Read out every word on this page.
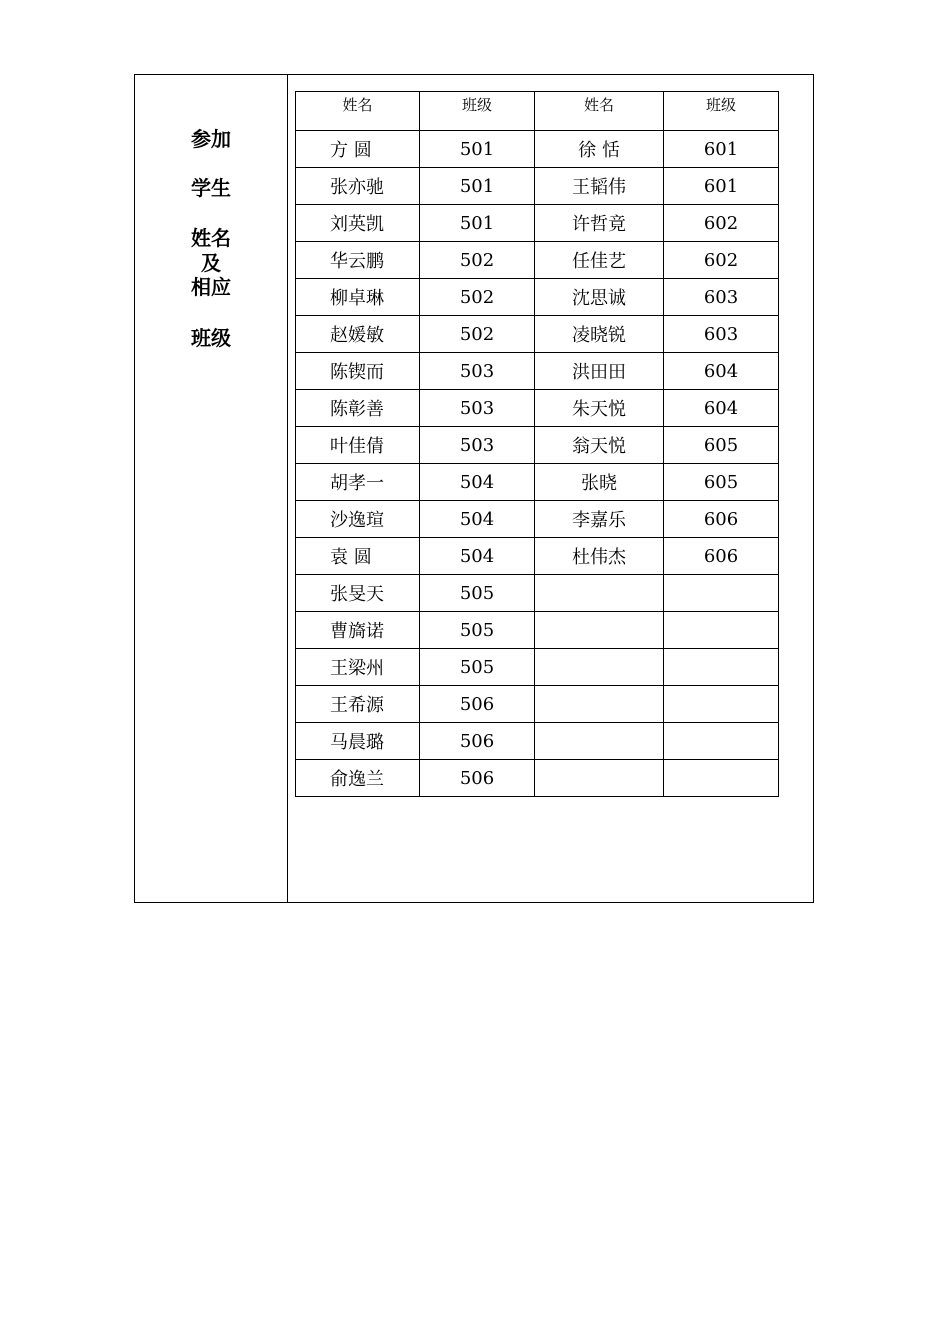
参加
学生
姓名
及
相应
班级
姓名	班级	姓名	班级
方 圆	501	徐 恬	601
张亦驰	501	王韬伟	601
刘英凯	501	许哲竟	602
华云鹏	502	任佳艺	602
柳卓琳	502	沈思诚	603
赵媛敏	502	凌晓锐	603
陈锲而	503	洪田田	604
陈彰善	503	朱天悦	604
叶佳倩	503	翁天悦	605
胡孝一	504	张晓	605
沙逸瑄	504	李嘉乐	606
袁 圆	504	杜伟杰	606
张旻天	505		
曹旖诺	505		
王梁州	505		
王希源	506		
马晨璐	506		
俞逸兰	506		
